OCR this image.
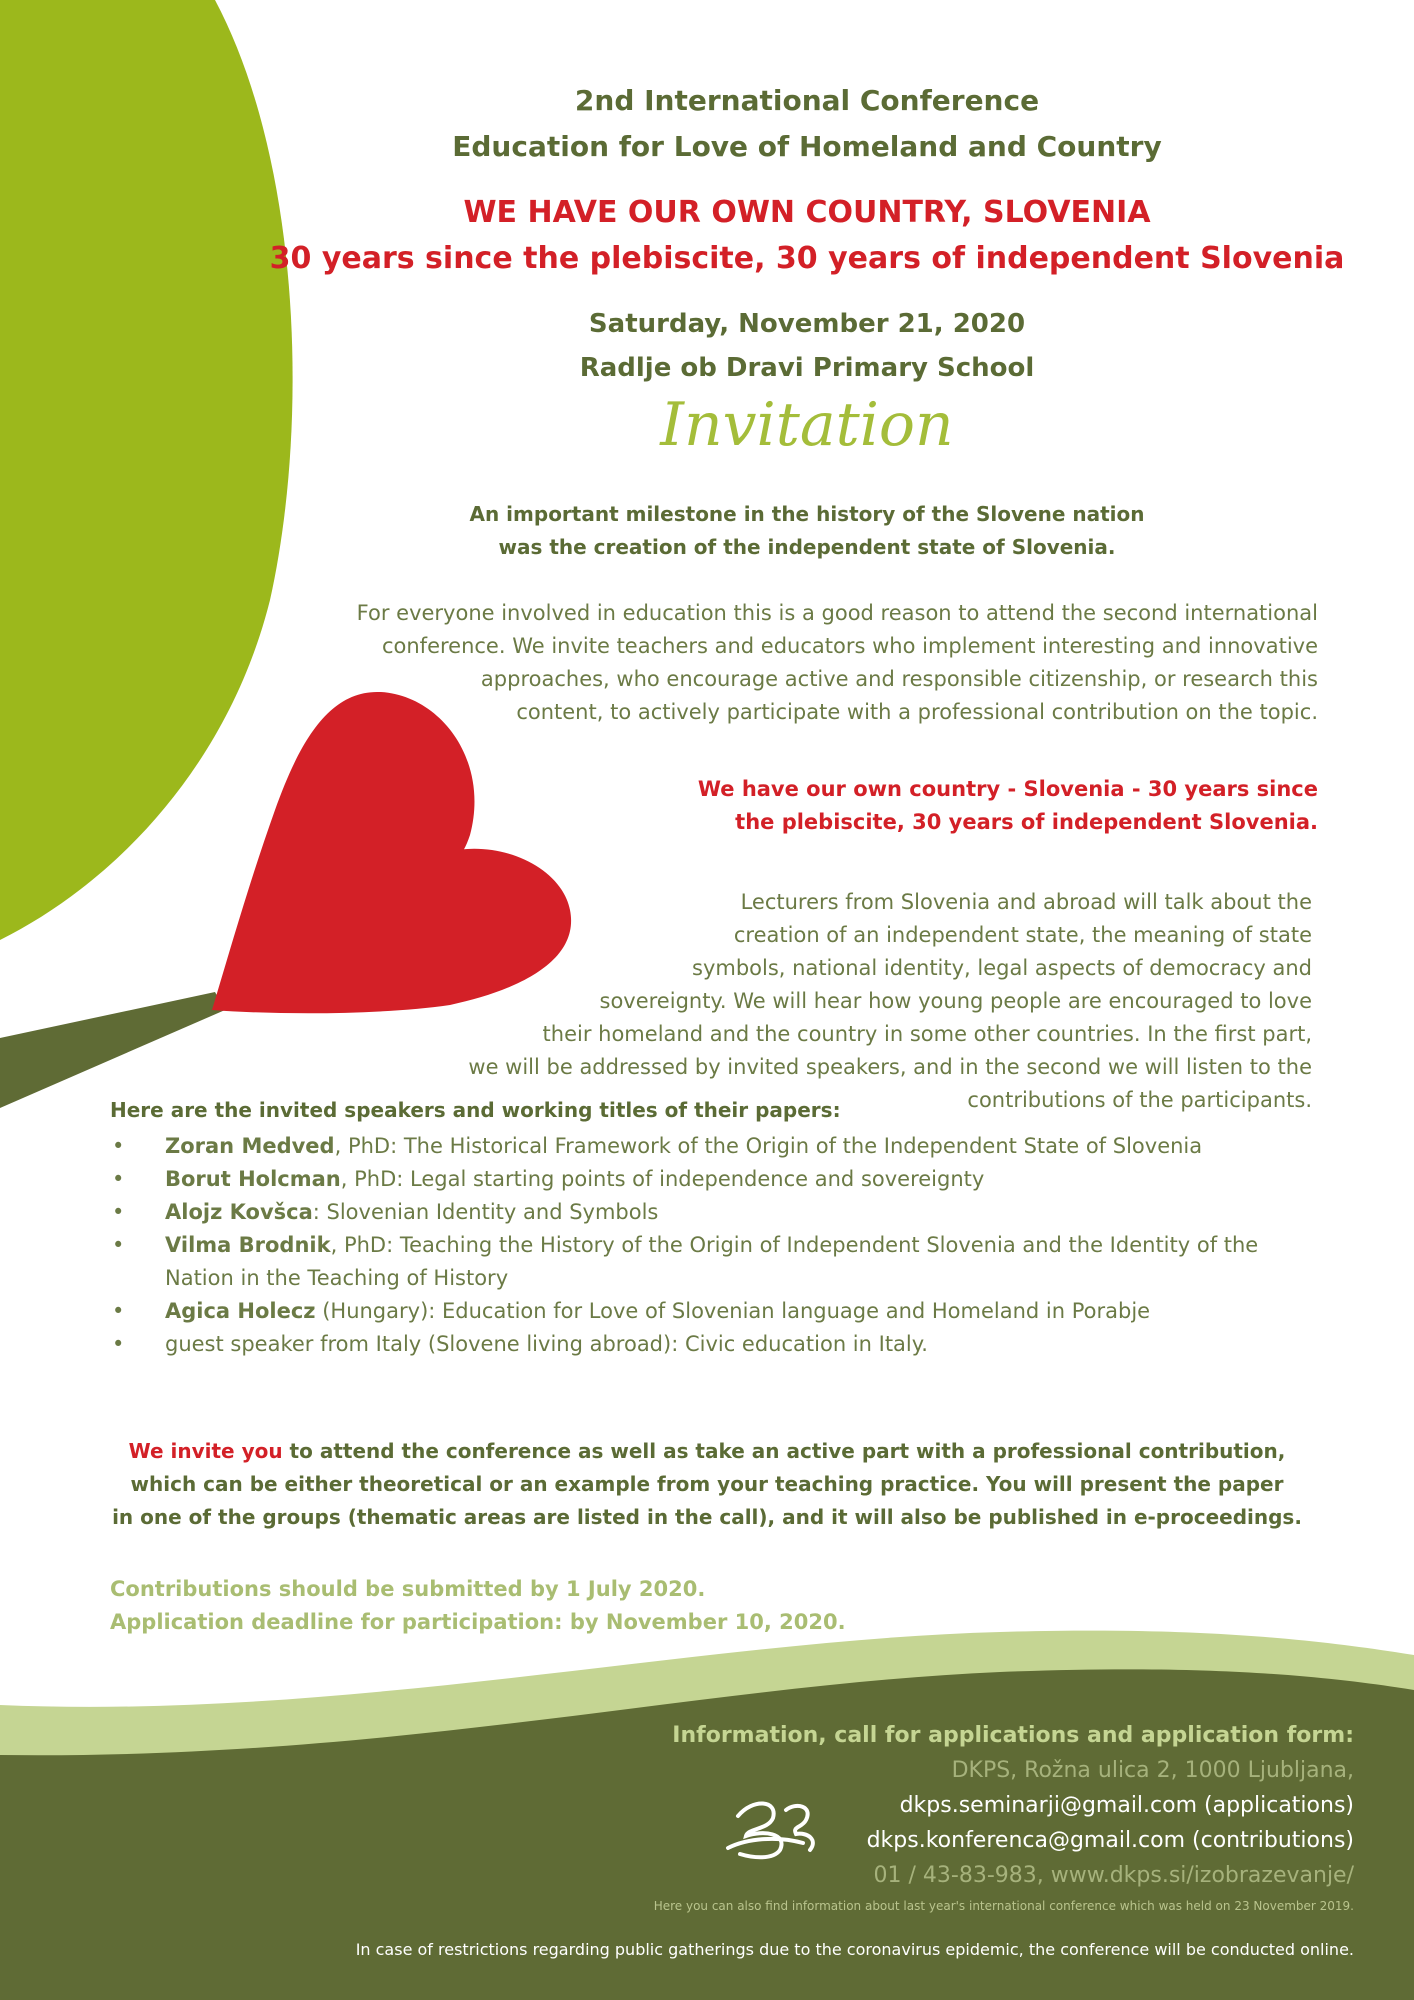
2nd International Conference
Education for Love of Homeland and Country
WE HAVE OUR OWN COUNTRY, SLOVENIA
30 years since the plebiscite, 30 years of independent Slovenia
Saturday, November 21, 2020
Radlje ob Dravi Primary School
Invitation
An important milestone in the history of the Slovene nation
was the creation of the independent state of Slovenia.
For everyone involved in education this is a good reason to attend the second international
conference. We invite teachers and educators who implement interesting and innovative
approaches, who encourage active and responsible citizenship, or research this
content, to actively participate with a professional contribution on the topic.
We have our own country - Slovenia - 30 years since
the plebiscite, 30 years of independent Slovenia.
Lecturers from Slovenia and abroad will talk about the
creation of an independent state, the meaning of state
symbols, national identity, legal aspects of democracy and
sovereignty. We will hear how young people are encouraged to love
their homeland and the country in some other countries. In the first part,
we will be addressed by invited speakers, and in the second we will listen to the
contributions of the participants.
Here are the invited speakers and working titles of their papers:
• Zoran Medved, PhD: The Historical Framework of the Origin of the Independent State of Slovenia
• Borut Holcman, PhD: Legal starting points of independence and sovereignty
• Alojz Kovšca: Slovenian Identity and Symbols
• Vilma Brodnik, PhD: Teaching the History of the Origin of Independent Slovenia and the Identity of the
Nation in the Teaching of History
• Agica Holecz (Hungary): Education for Love of Slovenian language and Homeland in Porabje
• guest speaker from Italy (Slovene living abroad): Civic education in Italy.
We invite you to attend the conference as well as take an active part with a professional contribution,
which can be either theoretical or an example from your teaching practice. You will present the paper
in one of the groups (thematic areas are listed in the call), and it will also be published in e-proceedings.
Contributions should be submitted by 1 July 2020.
Application deadline for participation: by November 10, 2020.
Information, call for applications and application form:
DKPS, Rožna ulica 2, 1000 Ljubljana,
dkps.seminarji@gmail.com (applications)
dkps.konferenca@gmail.com (contributions)
01 / 43-83-983, www.dkps.si/izobrazevanje/
Here you can also find information about last year's international conference which was held on 23 November 2019.
In case of restrictions regarding public gatherings due to the coronavirus epidemic, the conference will be conducted online.
